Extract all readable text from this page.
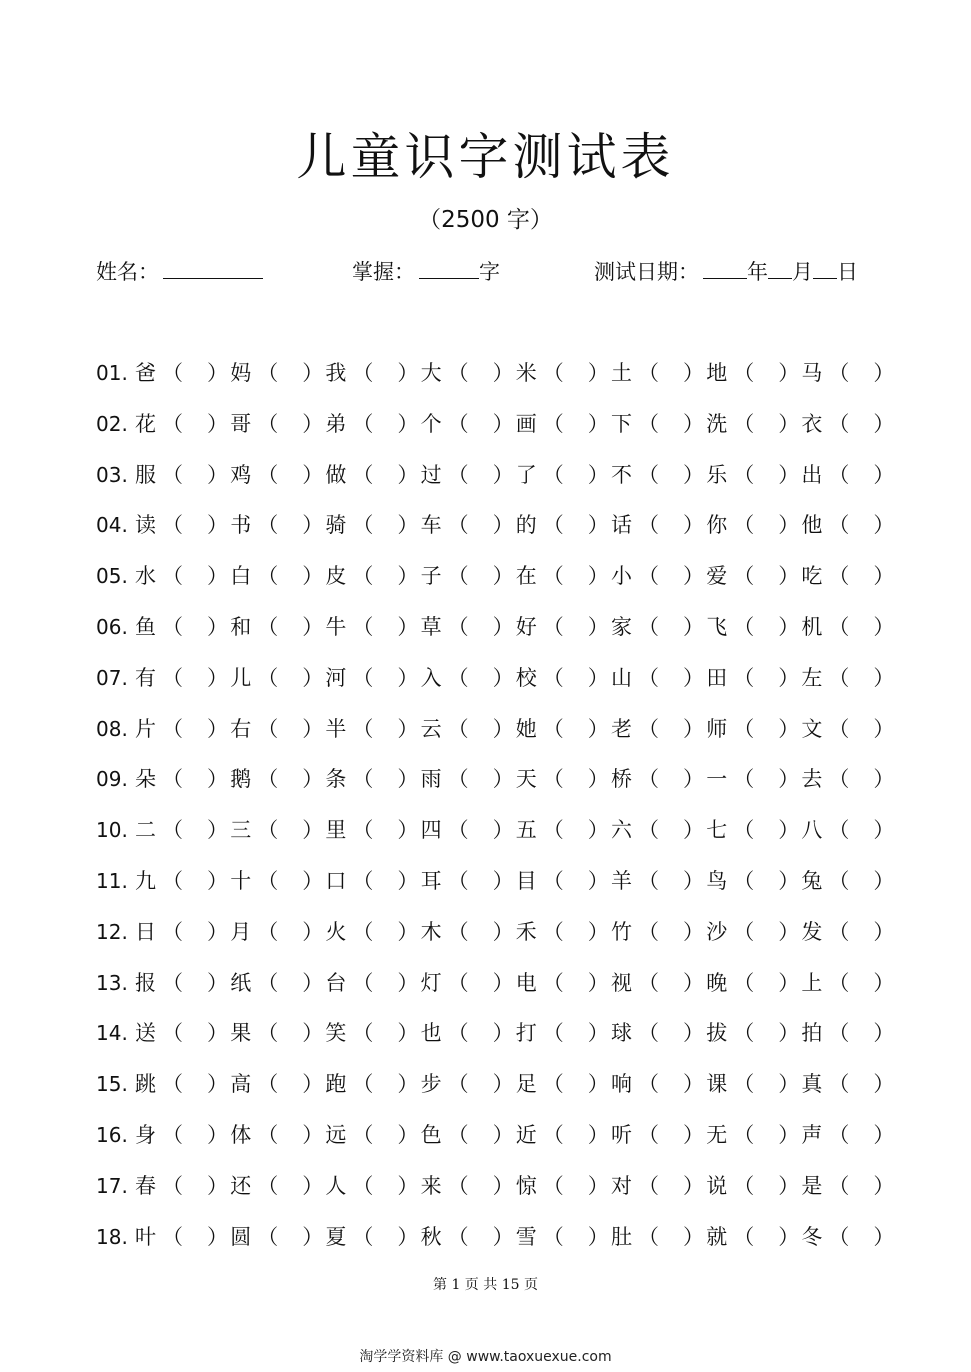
儿童识字测试表
（2500 字）
姓名：	掌握：	字	测试日期： 年 月 日
01. 爸 （ ） 妈 （ ） 我 （ ） 大 （ ） 米 （ ） 土 （ ） 地 （ ） 马 （ ）
02. 花 （ ） 哥 （ ） 弟 （ ） 个 （ ） 画 （ ） 下 （ ） 洗 （ ） 衣 （ ）
03. 服 （ ） 鸡 （ ） 做 （ ） 过 （ ） 了 （ ） 不 （ ） 乐 （ ） 出 （ ）
04. 读 （ ） 书 （ ） 骑 （ ） 车 （ ） 的 （ ） 话 （ ） 你 （ ） 他 （ ）
05. 水 （ ） 白 （ ） 皮 （ ） 子 （ ） 在 （ ） 小 （ ） 爱 （ ） 吃 （ ）
06. 鱼 （ ） 和 （ ） 牛 （ ） 草 （ ） 好 （ ） 家 （ ） 飞 （ ） 机 （ ）
07. 有 （ ） 儿 （ ） 河 （ ） 入 （ ） 校 （ ） 山 （ ） 田 （ ） 左 （ ）
08. 片 （ ） 右 （ ） 半 （ ） 云 （ ） 她 （ ） 老 （ ） 师 （ ） 文 （ ）
09. 朵 （ ） 鹅 （ ） 条 （ ） 雨 （ ） 天 （ ） 桥 （ ） 一 （ ） 去 （ ）
10. 二 （ ） 三 （ ） 里 （ ） 四 （ ） 五 （ ） 六 （ ） 七 （ ） 八 （ ）
11. 九 （ ） 十 （ ） 口 （ ） 耳 （ ） 目 （ ） 羊 （ ） 鸟 （ ） 兔 （ ）
12. 日 （ ） 月 （ ） 火 （ ） 木 （ ） 禾 （ ） 竹 （ ） 沙 （ ） 发 （ ）
13. 报 （ ） 纸 （ ） 台 （ ） 灯 （ ） 电 （ ） 视 （ ） 晚 （ ） 上 （ ）
14. 送 （ ） 果 （ ） 笑 （ ） 也 （ ） 打 （ ） 球 （ ） 拔 （ ） 拍 （ ）
15. 跳 （ ） 高 （ ） 跑 （ ） 步 （ ） 足 （ ） 响 （ ） 课 （ ） 真 （ ）
16. 身 （ ） 体 （ ） 远 （ ） 色 （ ） 近 （ ） 听 （ ） 无 （ ） 声 （ ）
17. 春 （ ） 还 （ ） 人 （ ） 来 （ ） 惊 （ ） 对 （ ） 说 （ ） 是 （ ）
18. 叶 （ ） 圆 （ ） 夏 （ ） 秋 （ ） 雪 （ ） 肚 （ ） 就 （ ） 冬 （ ）
第 1 页 共 15 页
淘学学资料库 @ www.taoxuexue.com
